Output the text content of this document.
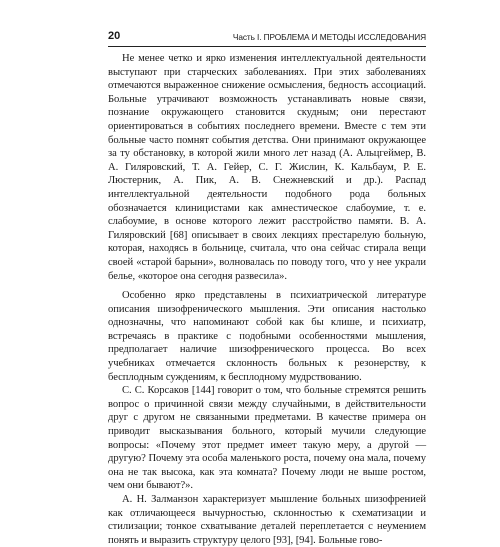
20	Часть I. ПРОБЛЕМА И МЕТОДЫ ИССЛЕДОВАНИЯ

Не менее четко и ярко изменения интеллектуальной деятельности выступают при старческих заболеваниях. При этих заболеваниях отмечаются выраженное снижение осмысления, бедность ассоциаций. Больные утрачивают возможность устанавливать новые связи, познание окружающего становится скудным; они перестают ориентироваться в событиях последнего времени. Вместе с тем эти больные часто помнят события детства. Они принимают окружающее за ту обстановку, в которой жили много лет назад (А. Альцгеймер, В. А. Гиляровский, Т. А. Гейер, С. Г. Жислин, К. Кальбаум, Р. Е. Люстерник, А. Пик, А. В. Снежневский и др.). Распад интеллектуальной деятельности подобного рода больных обозначается клиницистами как амнестическое слабоумие, т. е. слабоумие, в основе которого лежит расстройство памяти. В. А. Гиляровский [68] описывает в своих лекциях престарелую больную, которая, находясь в больнице, считала, что она сейчас стирала вещи своей «старой барыни», волновалась по поводу того, что у нее украли белье, «которое она сегодня развесила».

Особенно ярко представлены в психиатрической литературе описания шизофренического мышления. Эти описания настолько однозначны, что напоминают собой как бы клише, и психиатр, встречаясь в практике с подобными особенностями мышления, предполагает наличие шизофренического процесса. Во всех учебниках отмечается склонность больных к резонерству, к бесплодным суждениям, к бесплодному мудрствованию.

С. С. Корсаков [144] говорит о том, что больные стремятся решить вопрос о причинной связи между случайными, в действительности друг с другом не связанными предметами. В качестве примера он приводит высказывания больного, который мучили следующие вопросы: «Почему этот предмет имеет такую меру, а другой — другую? Почему эта особа маленького роста, почему она мала, почему она не так высока, как эта комната? Почему люди не выше ростом, чем они бывают?».

А. Н. Залманзон характеризует мышление больных шизофренией как отличающееся вычурностью, склонностью к схематизации и стилизации; тонкое схватывание деталей переплетается с неумением понять и выразить структуру целого [93], [94]. Больные гово-
